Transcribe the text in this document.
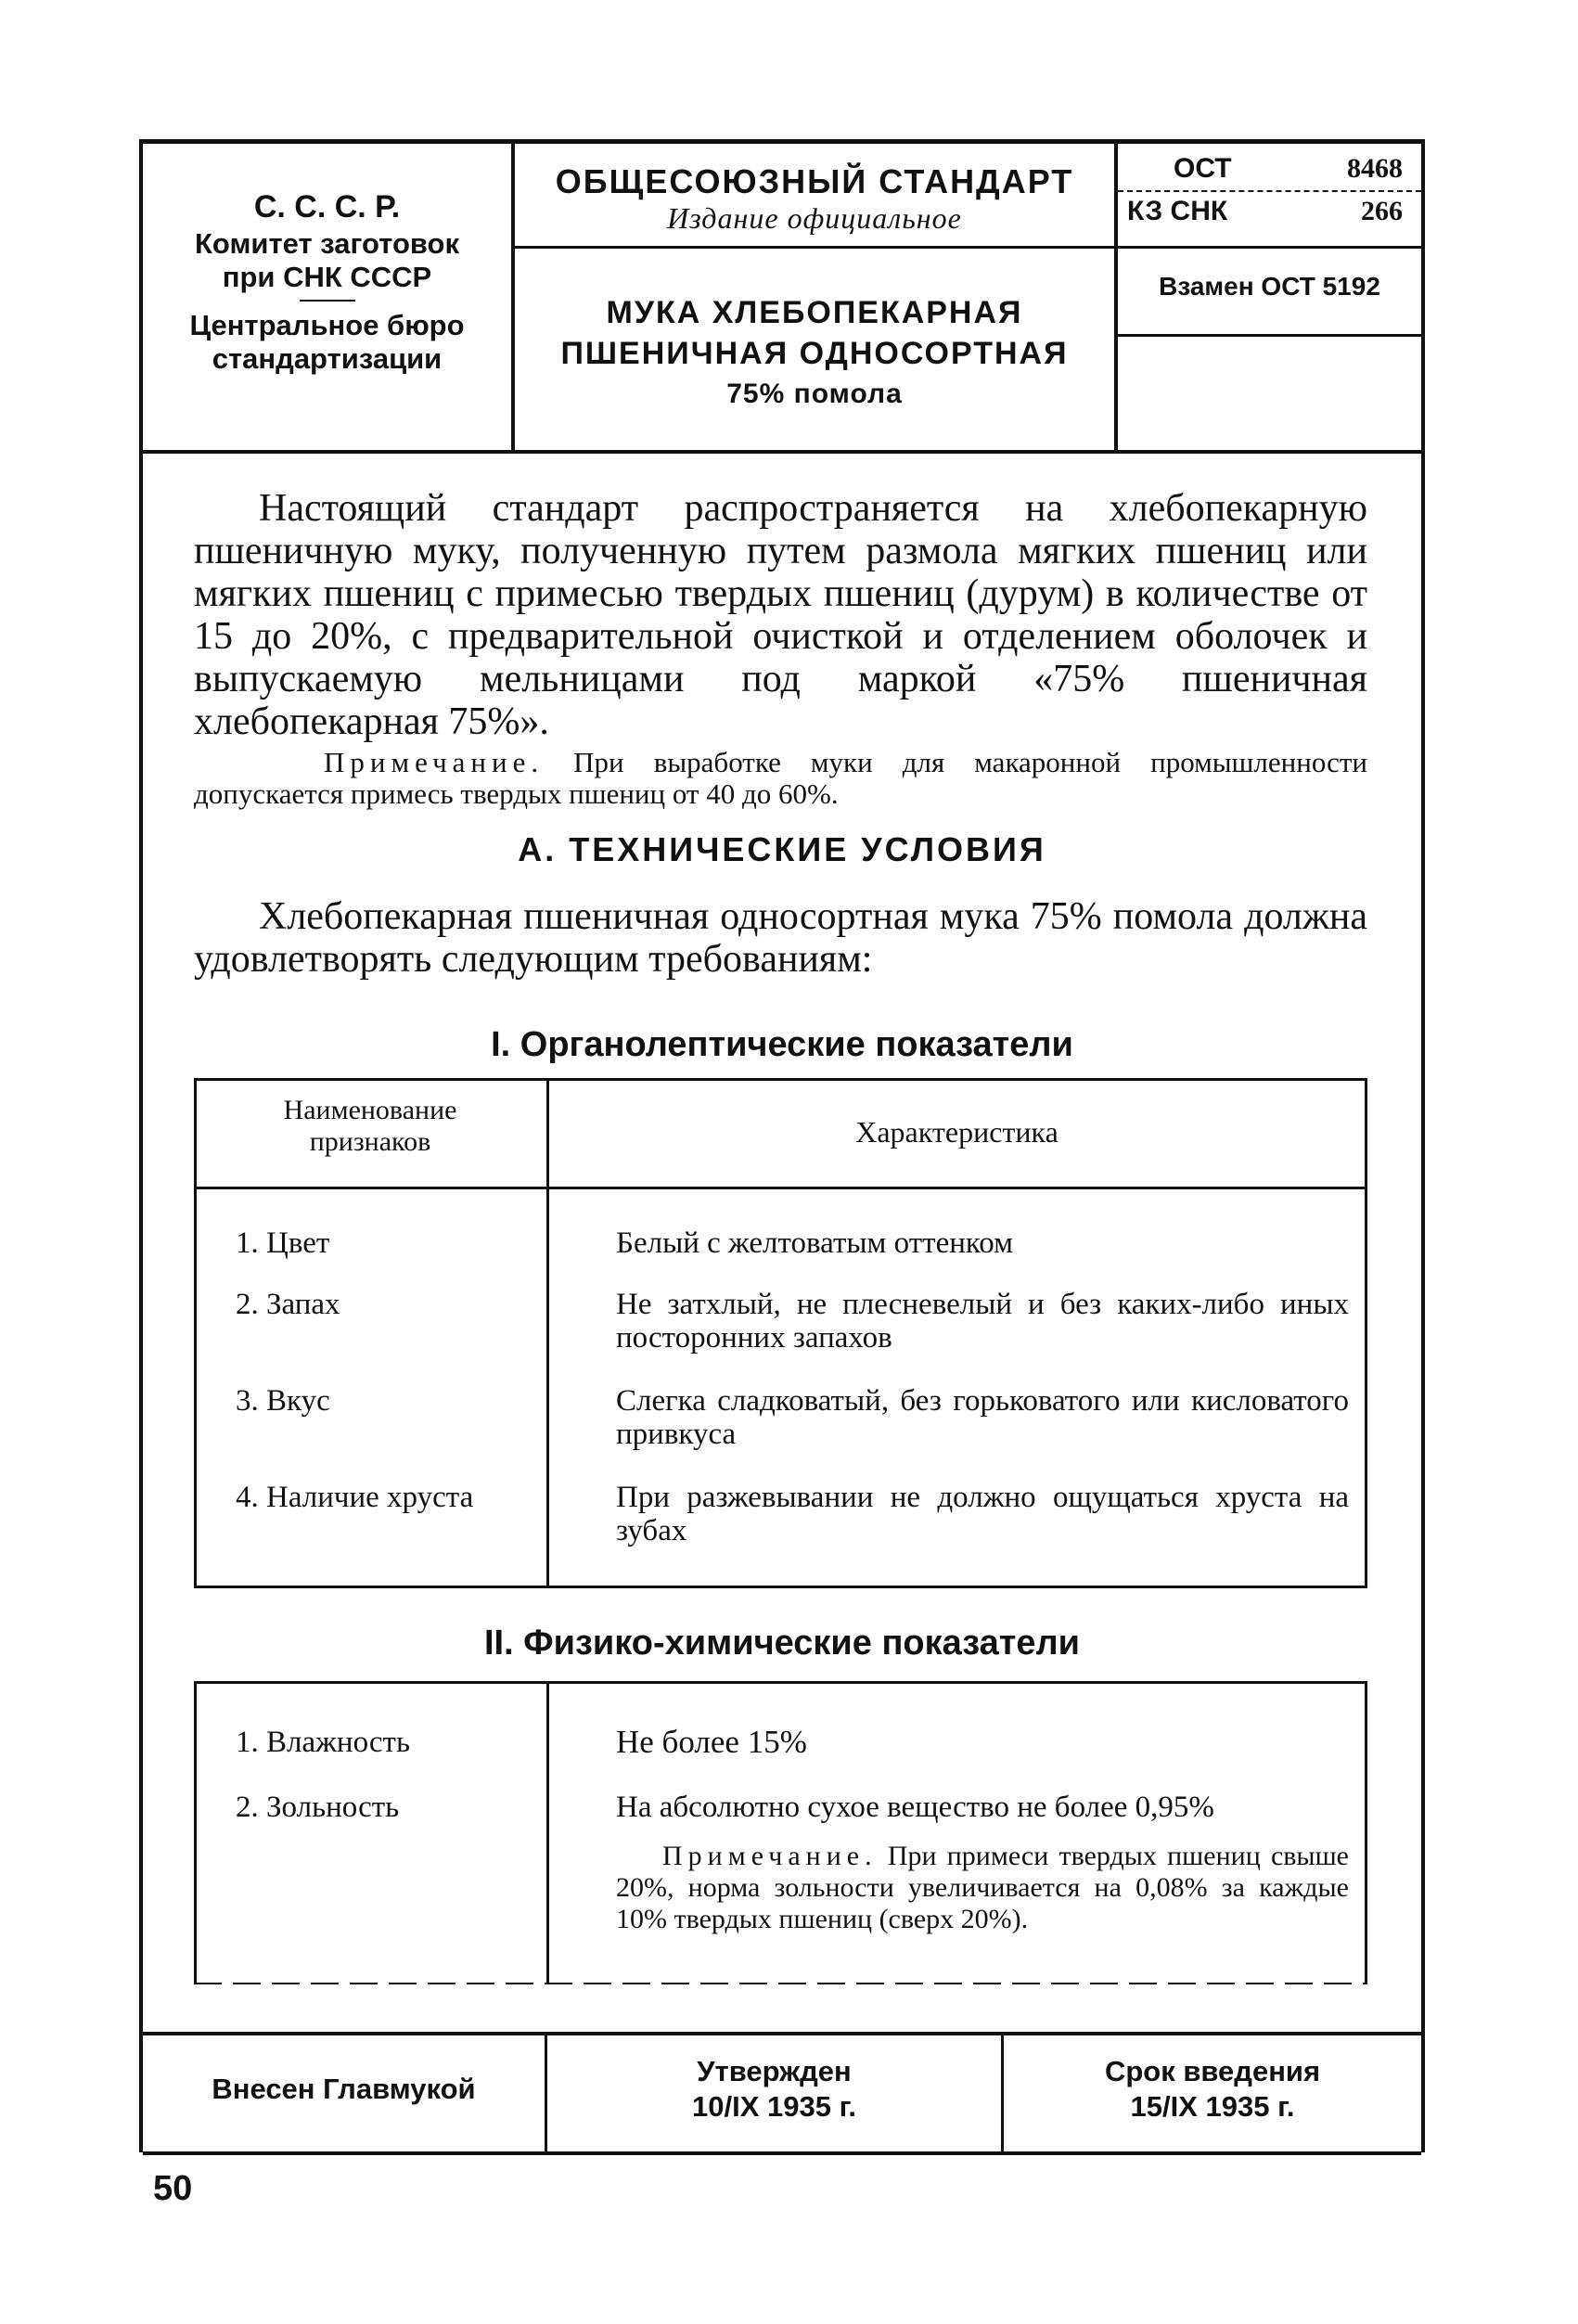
С. С. С. Р.
Комитет заготовок
при СНК СССР
Центральное бюро
стандартизации
ОБЩЕСОЮЗНЫЙ СТАНДАРТ
Издание официальное
МУКА ХЛЕБОПЕКАРНАЯ
ПШЕНИЧНАЯ ОДНОСОРТНАЯ
75% помола
ОСТ	8468
КЗ СНК	266
Взамен ОСТ 5192
Настоящий стандарт распространяется на хлебопекарную пшеничную муку, полученную путем размола мягких пшениц или мягких пшениц с примесью твердых пшениц (дурум) в количестве от 15 до 20%, с предварительной очисткой и отделением оболочек и выпускаемую мельницами под маркой «75% пшеничная хлебопекарная 75%».
Примечание. При выработке муки для макаронной промышленности допускается примесь твердых пшениц от 40 до 60%.
А. ТЕХНИЧЕСКИЕ УСЛОВИЯ
Хлебопекарная пшеничная односортная мука 75% помола должна удовлетворять следующим требованиям:
I. Органолептические показатели
Наименование
признаков	Характеристика
1. Цвет	Белый с желтоватым оттенком
2. Запах	Не затхлый, не плесневелый и без каких-либо иных посторонних запахов
3. Вкус	Слегка сладковатый, без горьковатого или кисловатого привкуса
4. Наличие хруста	При разжевывании не должно ощущаться хруста на зубах
II. Физико-химические показатели
1. Влажность	Не более 15%
2. Зольность	На абсолютно сухое вещество не более 0,95%
Примечание. При примеси твердых пшениц свыше 20%, норма зольности увеличивается на 0,08% за каждые 10% твердых пшениц (сверх 20%).
Внесен Главмукой
Утвержден
10/IX 1935 г.
Срок введения
15/IX 1935 г.
50
